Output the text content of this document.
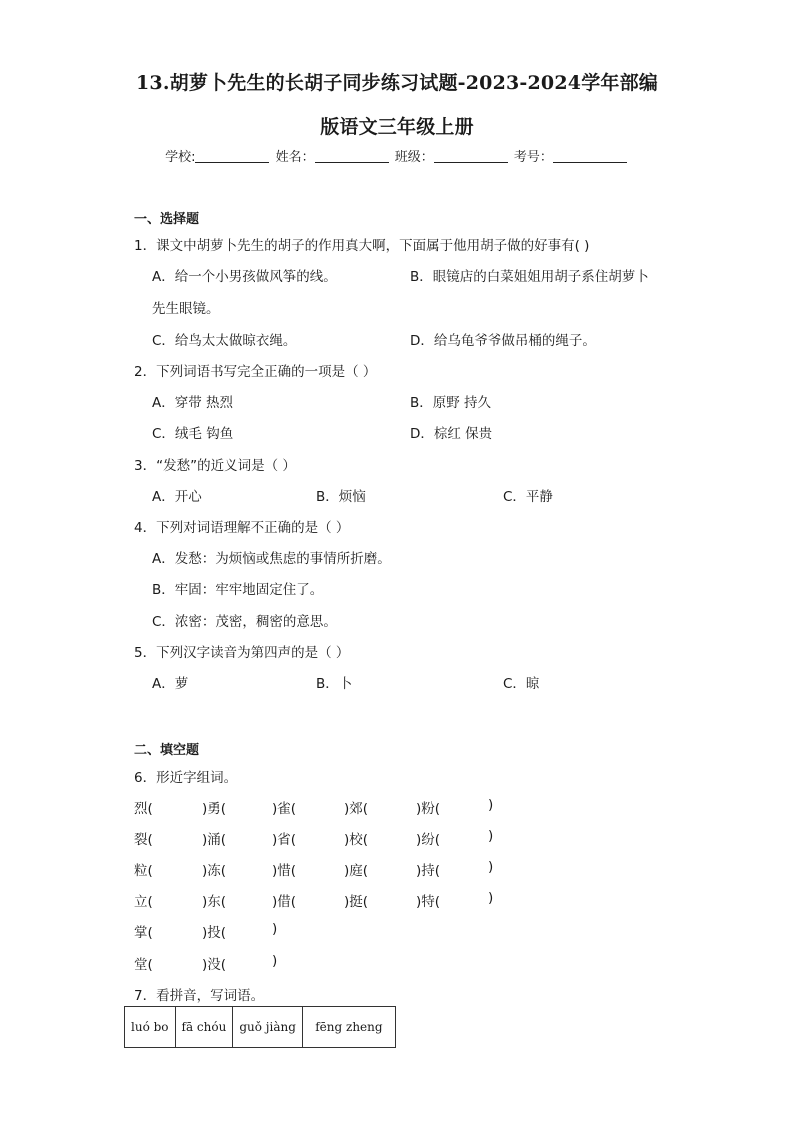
13.胡萝卜先生的长胡子同步练习试题-2023-2024学年部编
版语文三年级上册
学校:	姓名：	班级：	考号：
一、选择题
1．课文中胡萝卜先生的胡子的作用真大啊，下面属于他用胡子做的好事有( )
A．给一个小男孩做风筝的线。	B．眼镜店的白菜姐姐用胡子系住胡萝卜
先生眼镜。
C．给鸟太太做晾衣绳。	D．给乌龟爷爷做吊桶的绳子。
2．下列词语书写完全正确的一项是（ ）
A．穿带 热烈	B．原野 持久
C．绒毛 钩鱼	D．棕红 保贵
3．“发愁”的近义词是（ ）
A．开心	B．烦恼	C．平静
4．下列对词语理解不正确的是（ ）
A．发愁：为烦恼或焦虑的事情所折磨。
B．牢固：牢牢地固定住了。
C．浓密：茂密，稠密的意思。
5．下列汉字读音为第四声的是（ ）
A．萝	B．卜	C．晾
二、填空题
6．形近字组词。
烈(	)勇(	)雀(	)郊(	)粉(	)
裂(	)涌(	)省(	)校(	)纷(	)
粒(	)冻(	)惜(	)庭(	)持(	)
立(	)东(	)借(	)挺(	)特(	)
掌(	)投(	)
堂(	)没(	)
7．看拼音，写词语。
luó bo	fā chóu	guǒ jiàng	fēng zheng
